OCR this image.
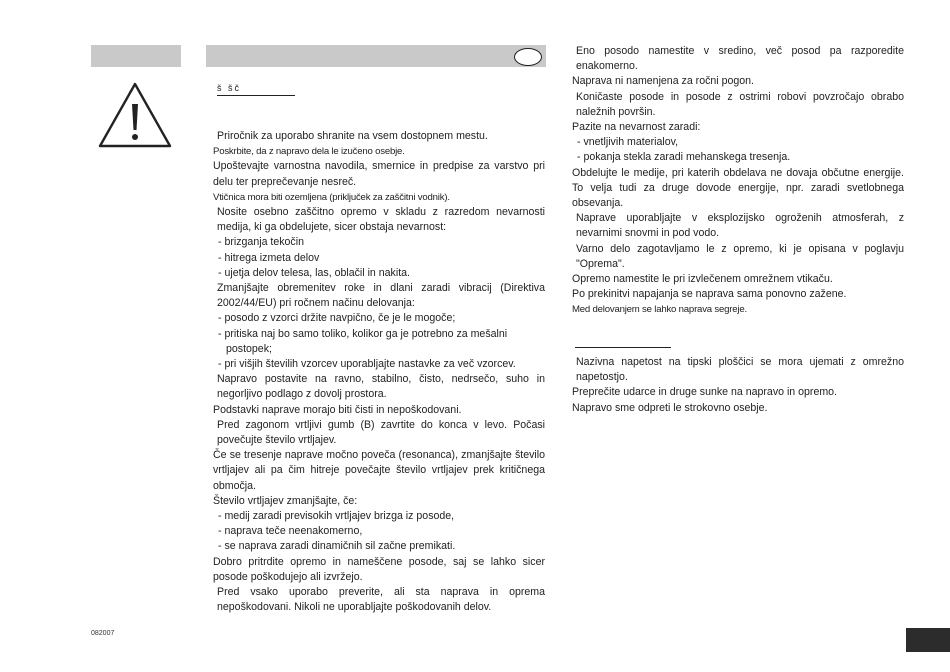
š šč

Priročnik za uporabo shranite na vsem dostopnem mestu.

Poskrbite, da z napravo dela le izučeno osebje.

Upoštevajte varnostna navodila, smernice in predpise za varstvo pri delu ter preprečevanje nesreč.

Vtičnica mora biti ozemljena (priključek za zaščitni vodnik).

Nosite osebno zaščitno opremo v skladu z razredom nevarnosti medija, ki ga obdelujete, sicer obstaja nevarnost:

- brizganja tekočin

- hitrega izmeta delov

- ujetja delov telesa, las, oblačil in nakita.

Zmanjšajte obremenitev roke in dlani zaradi vibracij (Direktiva 2002/44/EU) pri ročnem načinu delovanja:

- posodo z vzorci držite navpično, če je le mogoče;

- pritiska naj bo samo toliko, kolikor ga je potrebno za mešalni

postopek;

- pri višjih številih vzorcev uporabljajte nastavke za več vzorcev.

Napravo postavite na ravno, stabilno, čisto, nedrsečo, suho in negorljivo podlago z dovolj prostora.

Podstavki naprave morajo biti čisti in nepoškodovani.

Pred zagonom vrtljivi gumb (B) zavrtite do konca v levo. Počasi povečujte število vrtljajev.

Če se tresenje naprave močno poveča (resonanca), zmanjšajte število vrtljajev ali pa čim hitreje povečajte število vrtljajev prek kritičnega območja.

Število vrtljajev zmanjšajte, če:

- medij zaradi previsokih vrtljajev brizga iz posode,

- naprava teče neenakomerno,

- se naprava zaradi dinamičnih sil začne premikati.

Dobro pritrdite opremo in nameščene posode, saj se lahko sicer posode poškodujejo ali izvržejo.

Pred vsako uporabo preverite, ali sta naprava in oprema nepoškodovani. Nikoli ne uporabljajte poškodovanih delov.

Eno posodo namestite v sredino, več posod pa razporedite enakomerno.

Naprava ni namenjena za ročni pogon.

Koničaste posode in posode z ostrimi robovi povzročajo obrabo naležnih površin.

Pazite na nevarnost zaradi:

- vnetljivih materialov,

- pokanja stekla zaradi mehanskega tresenja.

Obdelujte le medije, pri katerih obdelava ne dovaja občutne energije. To velja tudi za druge dovode energije, npr. zaradi svetlobnega obsevanja.

Naprave uporabljajte v eksplozijsko ogroženih atmosferah, z nevarnimi snovmi in pod vodo.

Varno delo zagotavljamo le z opremo, ki je opisana v poglavju "Oprema".

Opremo namestite le pri izvlečenem omrežnem vtikaču.

Po prekinitvi napajanja se naprava sama ponovno zažene.

Med delovanjem se lahko naprava segreje.

Nazivna napetost na tipski ploščici se mora ujemati z omrežno napetostjo.

Preprečite udarce in druge sunke na napravo in opremo.

Napravo sme odpreti le strokovno osebje.

082007
